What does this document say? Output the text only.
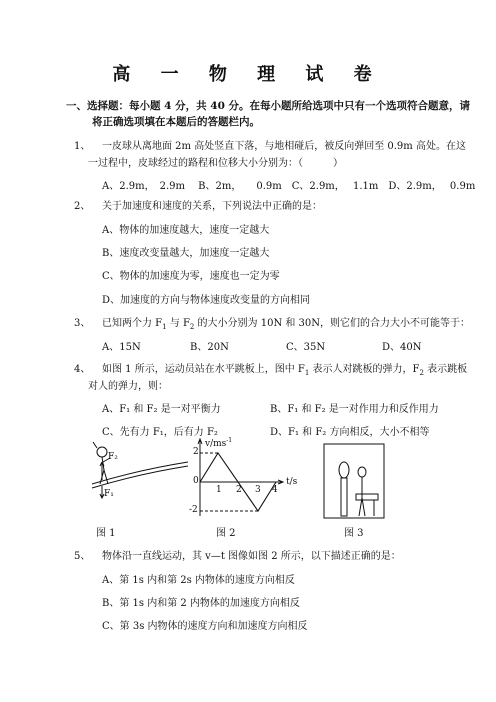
高 一 物 理 试 卷
一、选择题：每小题 4 分，共 40 分。在每小题所给选项中只有一个选项符合题意，请
将正确选项填在本题后的答题栏内。
1、 一皮球从离地面 2m 高处竖直下落，与地相碰后，被反向弹回至 0.9m 高处。在这
一过程中，皮球经过的路程和位移大小分别为：（　　　）
A、2.9m，　2.9m　 B、2m，　　0.9m　C、2.9m，　 1.1m　D、2.9m，　 0.9m
2、 关于加速度和速度的关系，下列说法中正确的是：
A、物体的加速度越大，速度一定越大
B、速度改变量越大，加速度一定越大
C、物体的加速度为零，速度也一定为零
D、加速度的方向与物体速度改变量的方向相同
3、 已知两个力 $F_1$ 与 $F_2$ 的大小分别为 10N 和 30N，则它们的合力大小不可能等于：
A、15N	B、20N	C、35N	D、40N
4、 如图 1 所示，运动员站在水平跳板上，图中 $F_1$ 表示人对跳板的弹力，$F_2$ 表示跳板
对人的弹力，则：
A、F₁ 和 F₂ 是一对平衡力	B、F₁ 和 F₂ 是一对作用力和反作用力
C、先有力 F₁，后有力 F₂	D、F₁ 和 F₂ 方向相反，大小不相等
F₂
F₁
图 1
$v/ms^{-1}$
t/s
2
0
-2
1 2 3 4
图 2	图 3
5、 物体沿一直线运动，其 v—t 图像如图 2 所示，以下描述正确的是：
A、第 1s 内和第 2s 内物体的速度方向相反
B、第 1s 内和第 2 内物体的加速度方向相反
C、第 3s 内物体的速度方向和加速度方向相反
